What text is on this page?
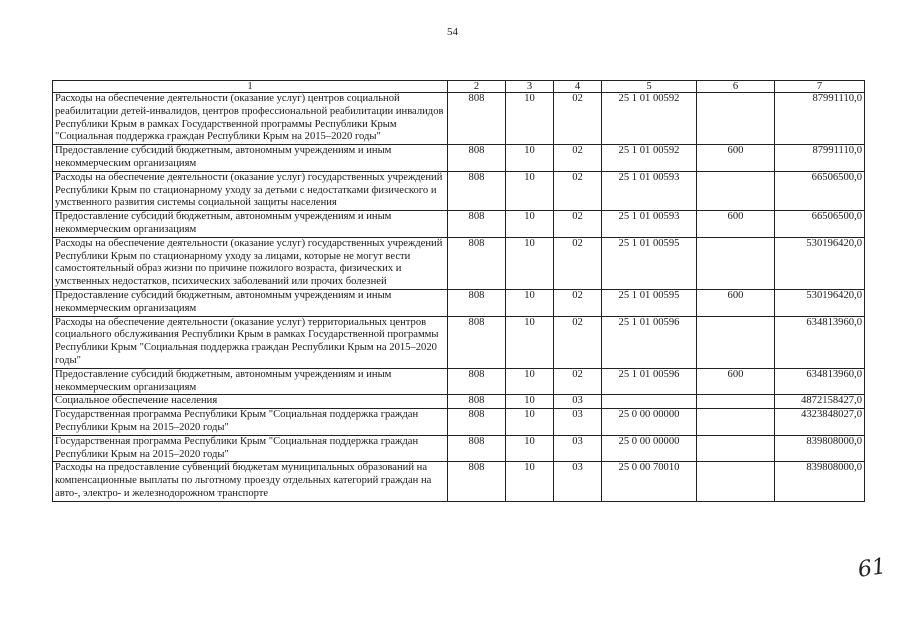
54
1	2	3	4	5	6	7
Расходы на обеспечение деятельности (оказание услуг) центров социальной реабилитации детей-инвалидов, центров профессиональной реабилитации инвалидов Республики Крым в рамках Государственной программы Республики Крым "Социальная поддержка граждан Республики Крым на 2015–2020 годы"	808	10	02	25 1 01 00592		87991110,0
Предоставление субсидий бюджетным, автономным учреждениям и иным некоммерческим организациям	808	10	02	25 1 01 00592	600	87991110,0
Расходы на обеспечение деятельности (оказание услуг) государственных учреждений Республики Крым по стационарному уходу за детьми с недостатками физического и умственного развития системы социальной защиты населения	808	10	02	25 1 01 00593		66506500,0
Предоставление субсидий бюджетным, автономным учреждениям и иным некоммерческим организациям	808	10	02	25 1 01 00593	600	66506500,0
Расходы на обеспечение деятельности (оказание услуг) государственных учреждений Республики Крым по стационарному уходу за лицами, которые не могут вести самостоятельный образ жизни по причине пожилого возраста, физических и умственных недостатков, психических заболеваний или прочих болезней	808	10	02	25 1 01 00595		530196420,0
Предоставление субсидий бюджетным, автономным учреждениям и иным некоммерческим организациям	808	10	02	25 1 01 00595	600	530196420,0
Расходы на обеспечение деятельности (оказание услуг) территориальных центров социального обслуживания Республики Крым в рамках Государственной программы Республики Крым "Социальная поддержка граждан Республики Крым на 2015–2020 годы"	808	10	02	25 1 01 00596		634813960,0
Предоставление субсидий бюджетным, автономным учреждениям и иным некоммерческим организациям	808	10	02	25 1 01 00596	600	634813960,0
Социальное обеспечение населения	808	10	03			4872158427,0
Государственная программа Республики Крым "Социальная поддержка граждан Республики Крым на 2015–2020 годы"	808	10	03	25 0 00 00000		4323848027,0
Государственная программа Республики Крым "Социальная поддержка граждан Республики Крым на 2015–2020 годы"	808	10	03	25 0 00 00000		839808000,0
Расходы на предоставление субвенций бюджетам муниципальных образований на компенсационные выплаты по льготному проезду отдельных категорий граждан на авто-, электро- и железнодорожном транспорте	808	10	03	25 0 00 70010		839808000,0
61
